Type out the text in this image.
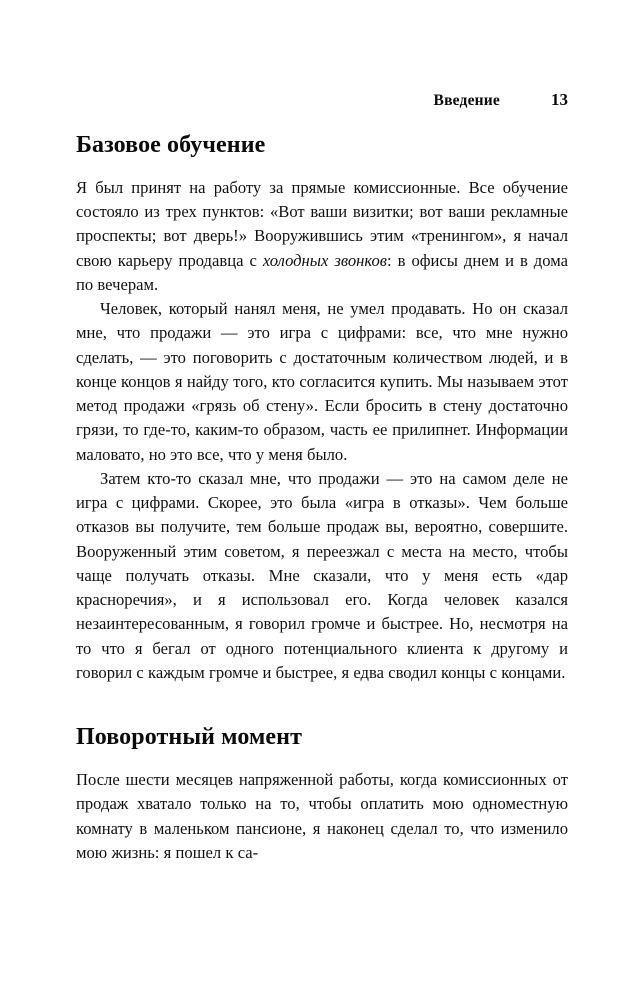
Введение	13
Базовое обучение

Я был принят на работу за прямые комиссионные. Все обучение состояло из трех пунктов: «Вот ваши визитки; вот ваши рекламные проспекты; вот дверь!» Вооружившись этим «тренингом», я начал свою карьеру продавца с холодных звонков: в офисы днем и в дома по вечерам.

Человек, который нанял меня, не умел продавать. Но он сказал мне, что продажи — это игра с цифрами: все, что мне нужно сделать, — это поговорить с достаточным количеством людей, и в конце концов я найду того, кто согласится купить. Мы называем этот метод продажи «грязь об стену». Если бросить в стену достаточно грязи, то где-то, каким-то образом, часть ее прилипнет. Информации маловато, но это все, что у меня было.

Затем кто-то сказал мне, что продажи — это на самом деле не игра с цифрами. Скорее, это была «игра в отказы». Чем больше отказов вы получите, тем больше продаж вы, вероятно, совершите. Вооруженный этим советом, я переезжал с места на место, чтобы чаще получать отказы. Мне сказали, что у меня есть «дар красноречия», и я использовал его. Когда человек казался незаинтересованным, я говорил громче и быстрее. Но, несмотря на то что я бегал от одного потенциального клиента к другому и говорил с каждым громче и быстрее, я едва сводил концы с концами.

Поворотный момент

После шести месяцев напряженной работы, когда комиссионных от продаж хватало только на то, чтобы оплатить мою одноместную комнату в маленьком пансионе, я наконец сделал то, что изменило мою жизнь: я пошел к са-
